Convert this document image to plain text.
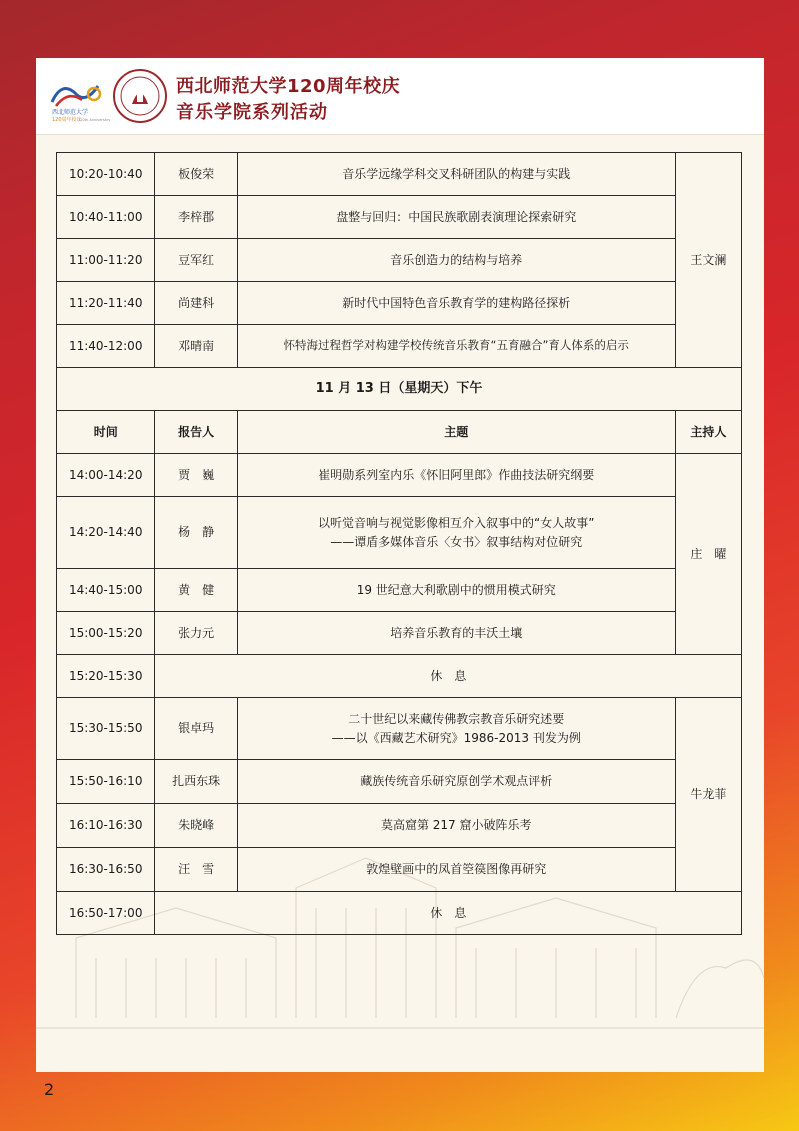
西北师范大学
120周年校庆
120th Anniversary
西北师范大学120周年校庆
音乐学院系列活动
10:20-10:40	板俊荣	音乐学远缘学科交叉科研团队的构建与实践	王文澜
10:40-11:00	李梓郡	盘整与回归：中国民族歌剧表演理论探索研究	
11:00-11:20	豆军红	音乐创造力的结构与培养	
11:20-11:40	尚建科	新时代中国特色音乐教育学的建构路径探析	
11:40-12:00	邓晴南	怀特海过程哲学对构建学校传统音乐教育“五育融合”育人体系的启示	
11 月 13 日（星期天）下午			
时间	报告人	主题	主持人
14:00-14:20	贾　巍	崔明勋系列室内乐《怀旧阿里郎》作曲技法研究纲要	庄　曜
14:20-14:40	杨　静	以听觉音响与视觉影像相互介入叙事中的“女人故事”
——谭盾多媒体音乐〈女书〉叙事结构对位研究	

14:40-15:00	黄　健	19 世纪意大利歌剧中的惯用模式研究	
15:00-15:20	张力元	培养音乐教育的丰沃土壤	
15:20-15:30	休　息		
15:30-15:50	银卓玛	二十世纪以来藏传佛教宗教音乐研究述要
——以《西藏艺术研究》1986-2013 刊发为例	牛龙菲
15:50-16:10	扎西东珠	藏族传统音乐研究原创学术观点评析	
16:10-16:30	朱晓峰	莫高窟第 217 窟小破阵乐考	
16:30-16:50	汪　雪	敦煌壁画中的凤首箜篌图像再研究	
16:50-17:00	休　息		
2
